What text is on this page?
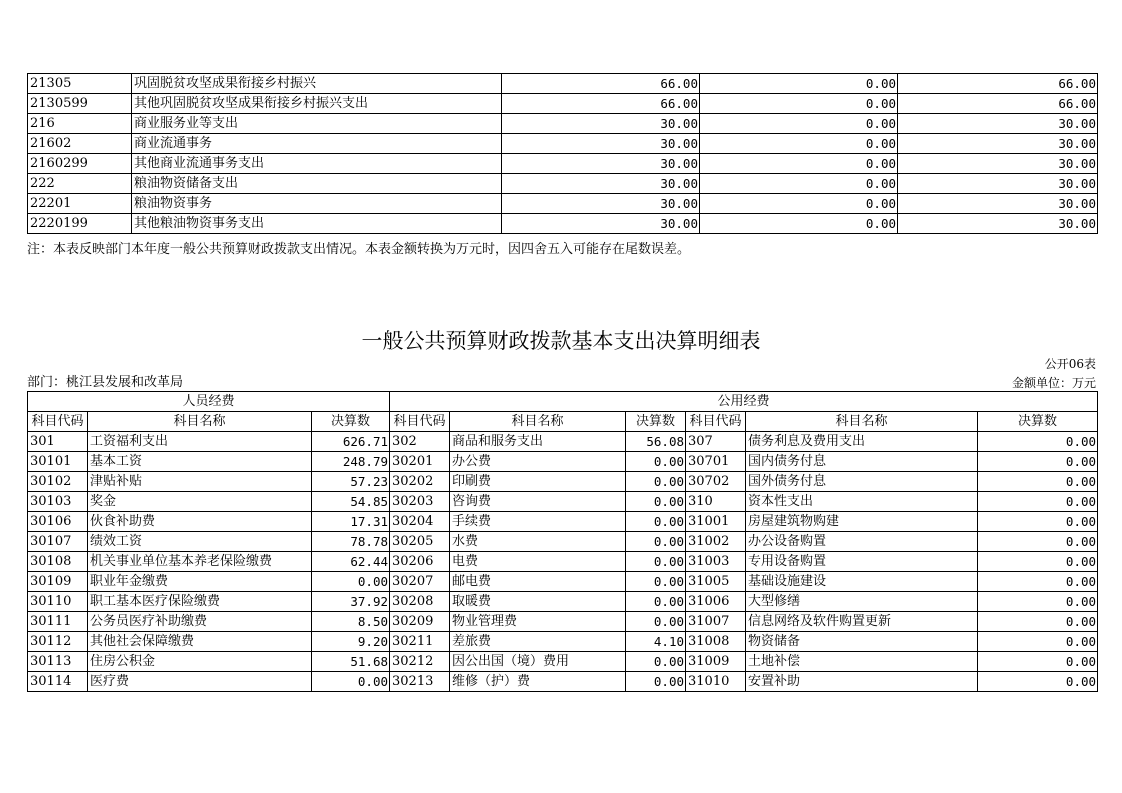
21305	巩固脱贫攻坚成果衔接乡村振兴	66.00	0.00	66.00
2130599	其他巩固脱贫攻坚成果衔接乡村振兴支出	66.00	0.00	66.00
216	商业服务业等支出	30.00	0.00	30.00
21602	商业流通事务	30.00	0.00	30.00
2160299	其他商业流通事务支出	30.00	0.00	30.00
222	粮油物资储备支出	30.00	0.00	30.00
22201	粮油物资事务	30.00	0.00	30.00
2220199	其他粮油物资事务支出	30.00	0.00	30.00
注：本表反映部门本年度一般公共预算财政拨款支出情况。本表金额转换为万元时，因四舍五入可能存在尾数误差。
一般公共预算财政拨款基本支出决算明细表
公开06表
部门：桃江县发展和改革局	金额单位：万元
人员经费			公用经费					
科目代码	科目名称	决算数	科目代码	科目名称	决算数	科目代码	科目名称	决算数
301	工资福利支出	626.71	302	商品和服务支出	56.08	307	债务利息及费用支出	0.00
30101	基本工资	248.79	30201	办公费	0.00	30701	国内债务付息	0.00
30102	津贴补贴	57.23	30202	印刷费	0.00	30702	国外债务付息	0.00
30103	奖金	54.85	30203	咨询费	0.00	310	资本性支出	0.00
30106	伙食补助费	17.31	30204	手续费	0.00	31001	房屋建筑物购建	0.00
30107	绩效工资	78.78	30205	水费	0.00	31002	办公设备购置	0.00
30108	机关事业单位基本养老保险缴费	62.44	30206	电费	0.00	31003	专用设备购置	0.00
30109	职业年金缴费	0.00	30207	邮电费	0.00	31005	基础设施建设	0.00
30110	职工基本医疗保险缴费	37.92	30208	取暖费	0.00	31006	大型修缮	0.00
30111	公务员医疗补助缴费	8.50	30209	物业管理费	0.00	31007	信息网络及软件购置更新	0.00
30112	其他社会保障缴费	9.20	30211	差旅费	4.10	31008	物资储备	0.00
30113	住房公积金	51.68	30212	因公出国（境）费用	0.00	31009	土地补偿	0.00
30114	医疗费	0.00	30213	维修（护）费	0.00	31010	安置补助	0.00
